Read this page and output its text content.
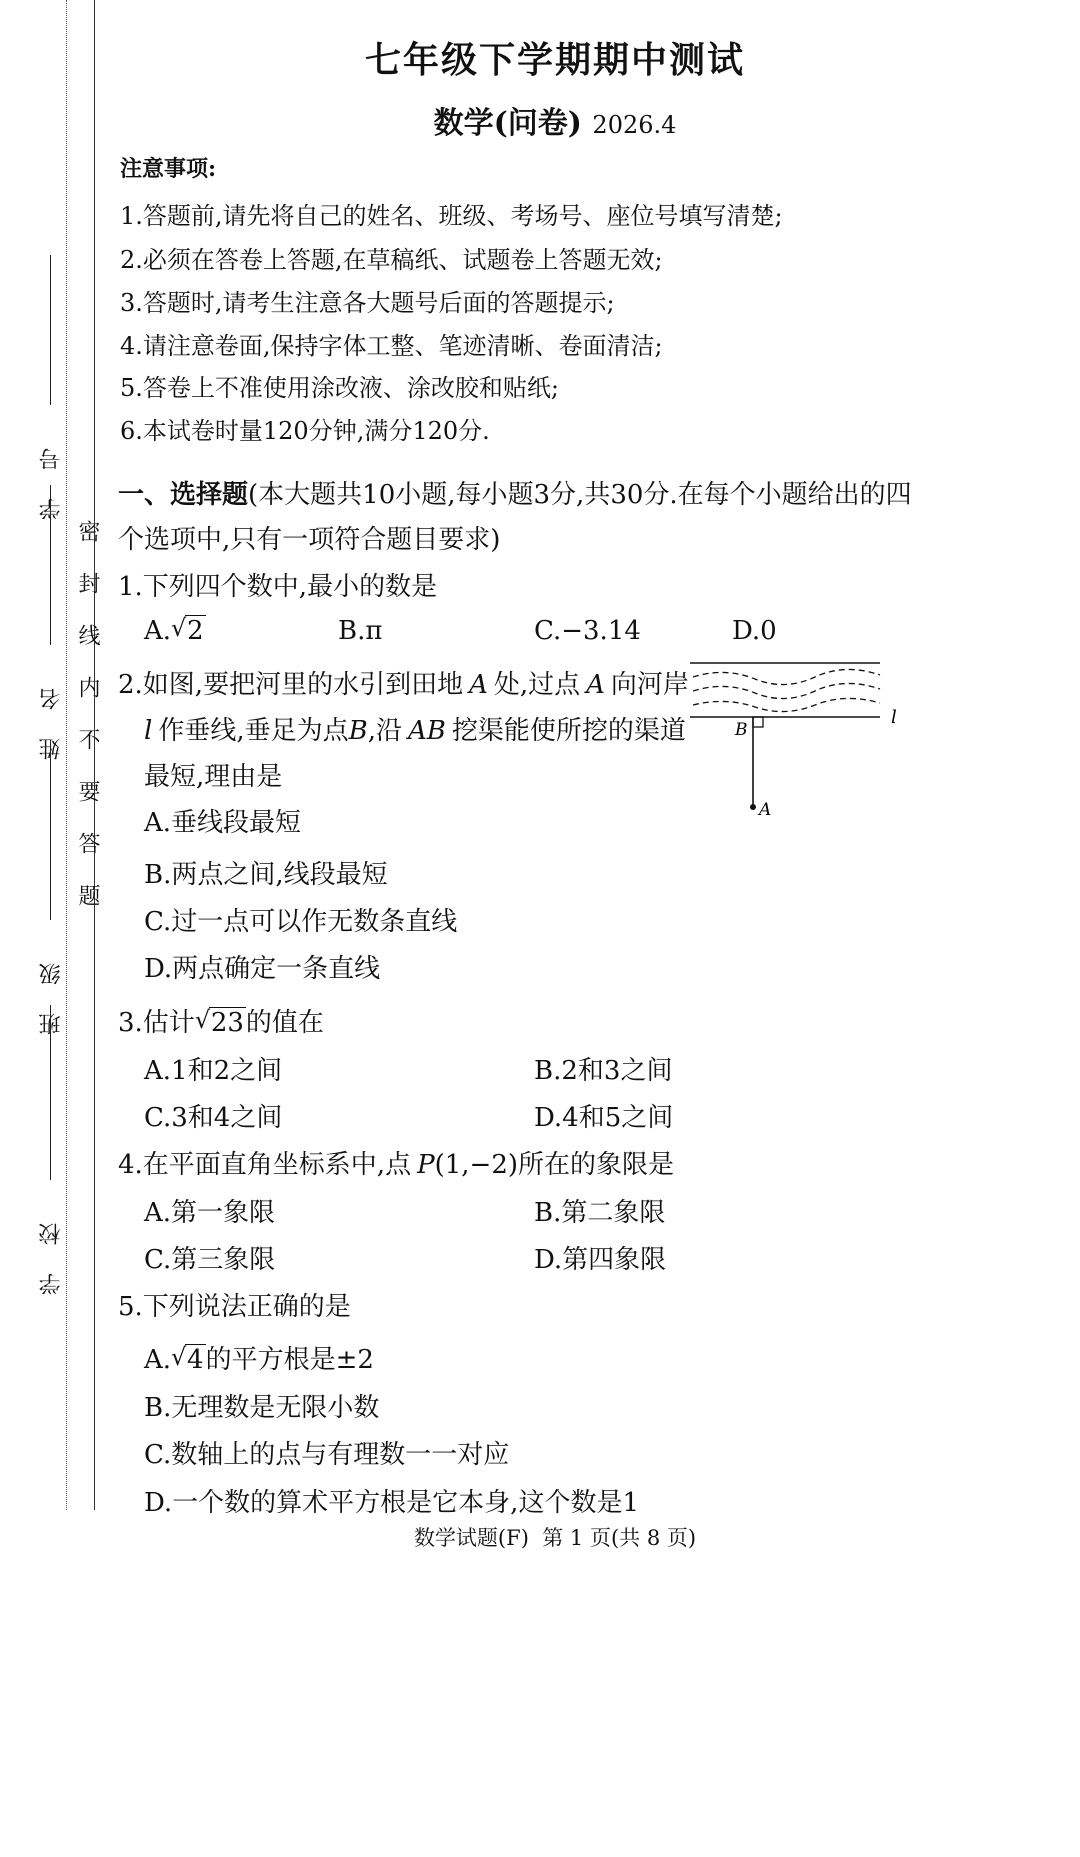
学号
姓名
班级
学校
密封线内不要答题
七年级下学期期中测试
数学(问卷) 2026.4
注意事项:
1.答题前,请先将自己的姓名、班级、考场号、座位号填写清楚;
2.必须在答卷上答题,在草稿纸、试题卷上答题无效;
3.答题时,请考生注意各大题号后面的答题提示;
4.请注意卷面,保持字体工整、笔迹清晰、卷面清洁;
5.答卷上不准使用涂改液、涂改胶和贴纸;
6.本试卷时量120分钟,满分120分.
一、选择题(本大题共10小题,每小题3分,共30分.在每个小题给出的四
个选项中,只有一项符合题目要求)
1.下列四个数中,最小的数是
A. √ 2	B.π	C.−3.14	D.0
2.如图,要把河里的水引到田地 A 处,过点 A 向河岸
l 作垂线,垂足为点B,沿 AB 挖渠能使所挖的渠道
最短,理由是
A.垂线段最短
B.两点之间,线段最短
C.过一点可以作无数条直线
D.两点确定一条直线
B
A
l
3.估计 √ 23的值在
A.1和2之间	B.2和3之间
C.3和4之间	D.4和5之间
4.在平面直角坐标系中,点 P(1,−2)所在的象限是
A.第一象限	B.第二象限
C.第三象限	D.第四象限
5.下列说法正确的是
A. √ 4的平方根是±2
B.无理数是无限小数
C.数轴上的点与有理数一一对应
D.一个数的算术平方根是它本身,这个数是1
数学试题(F)  第 1 页(共 8 页)
